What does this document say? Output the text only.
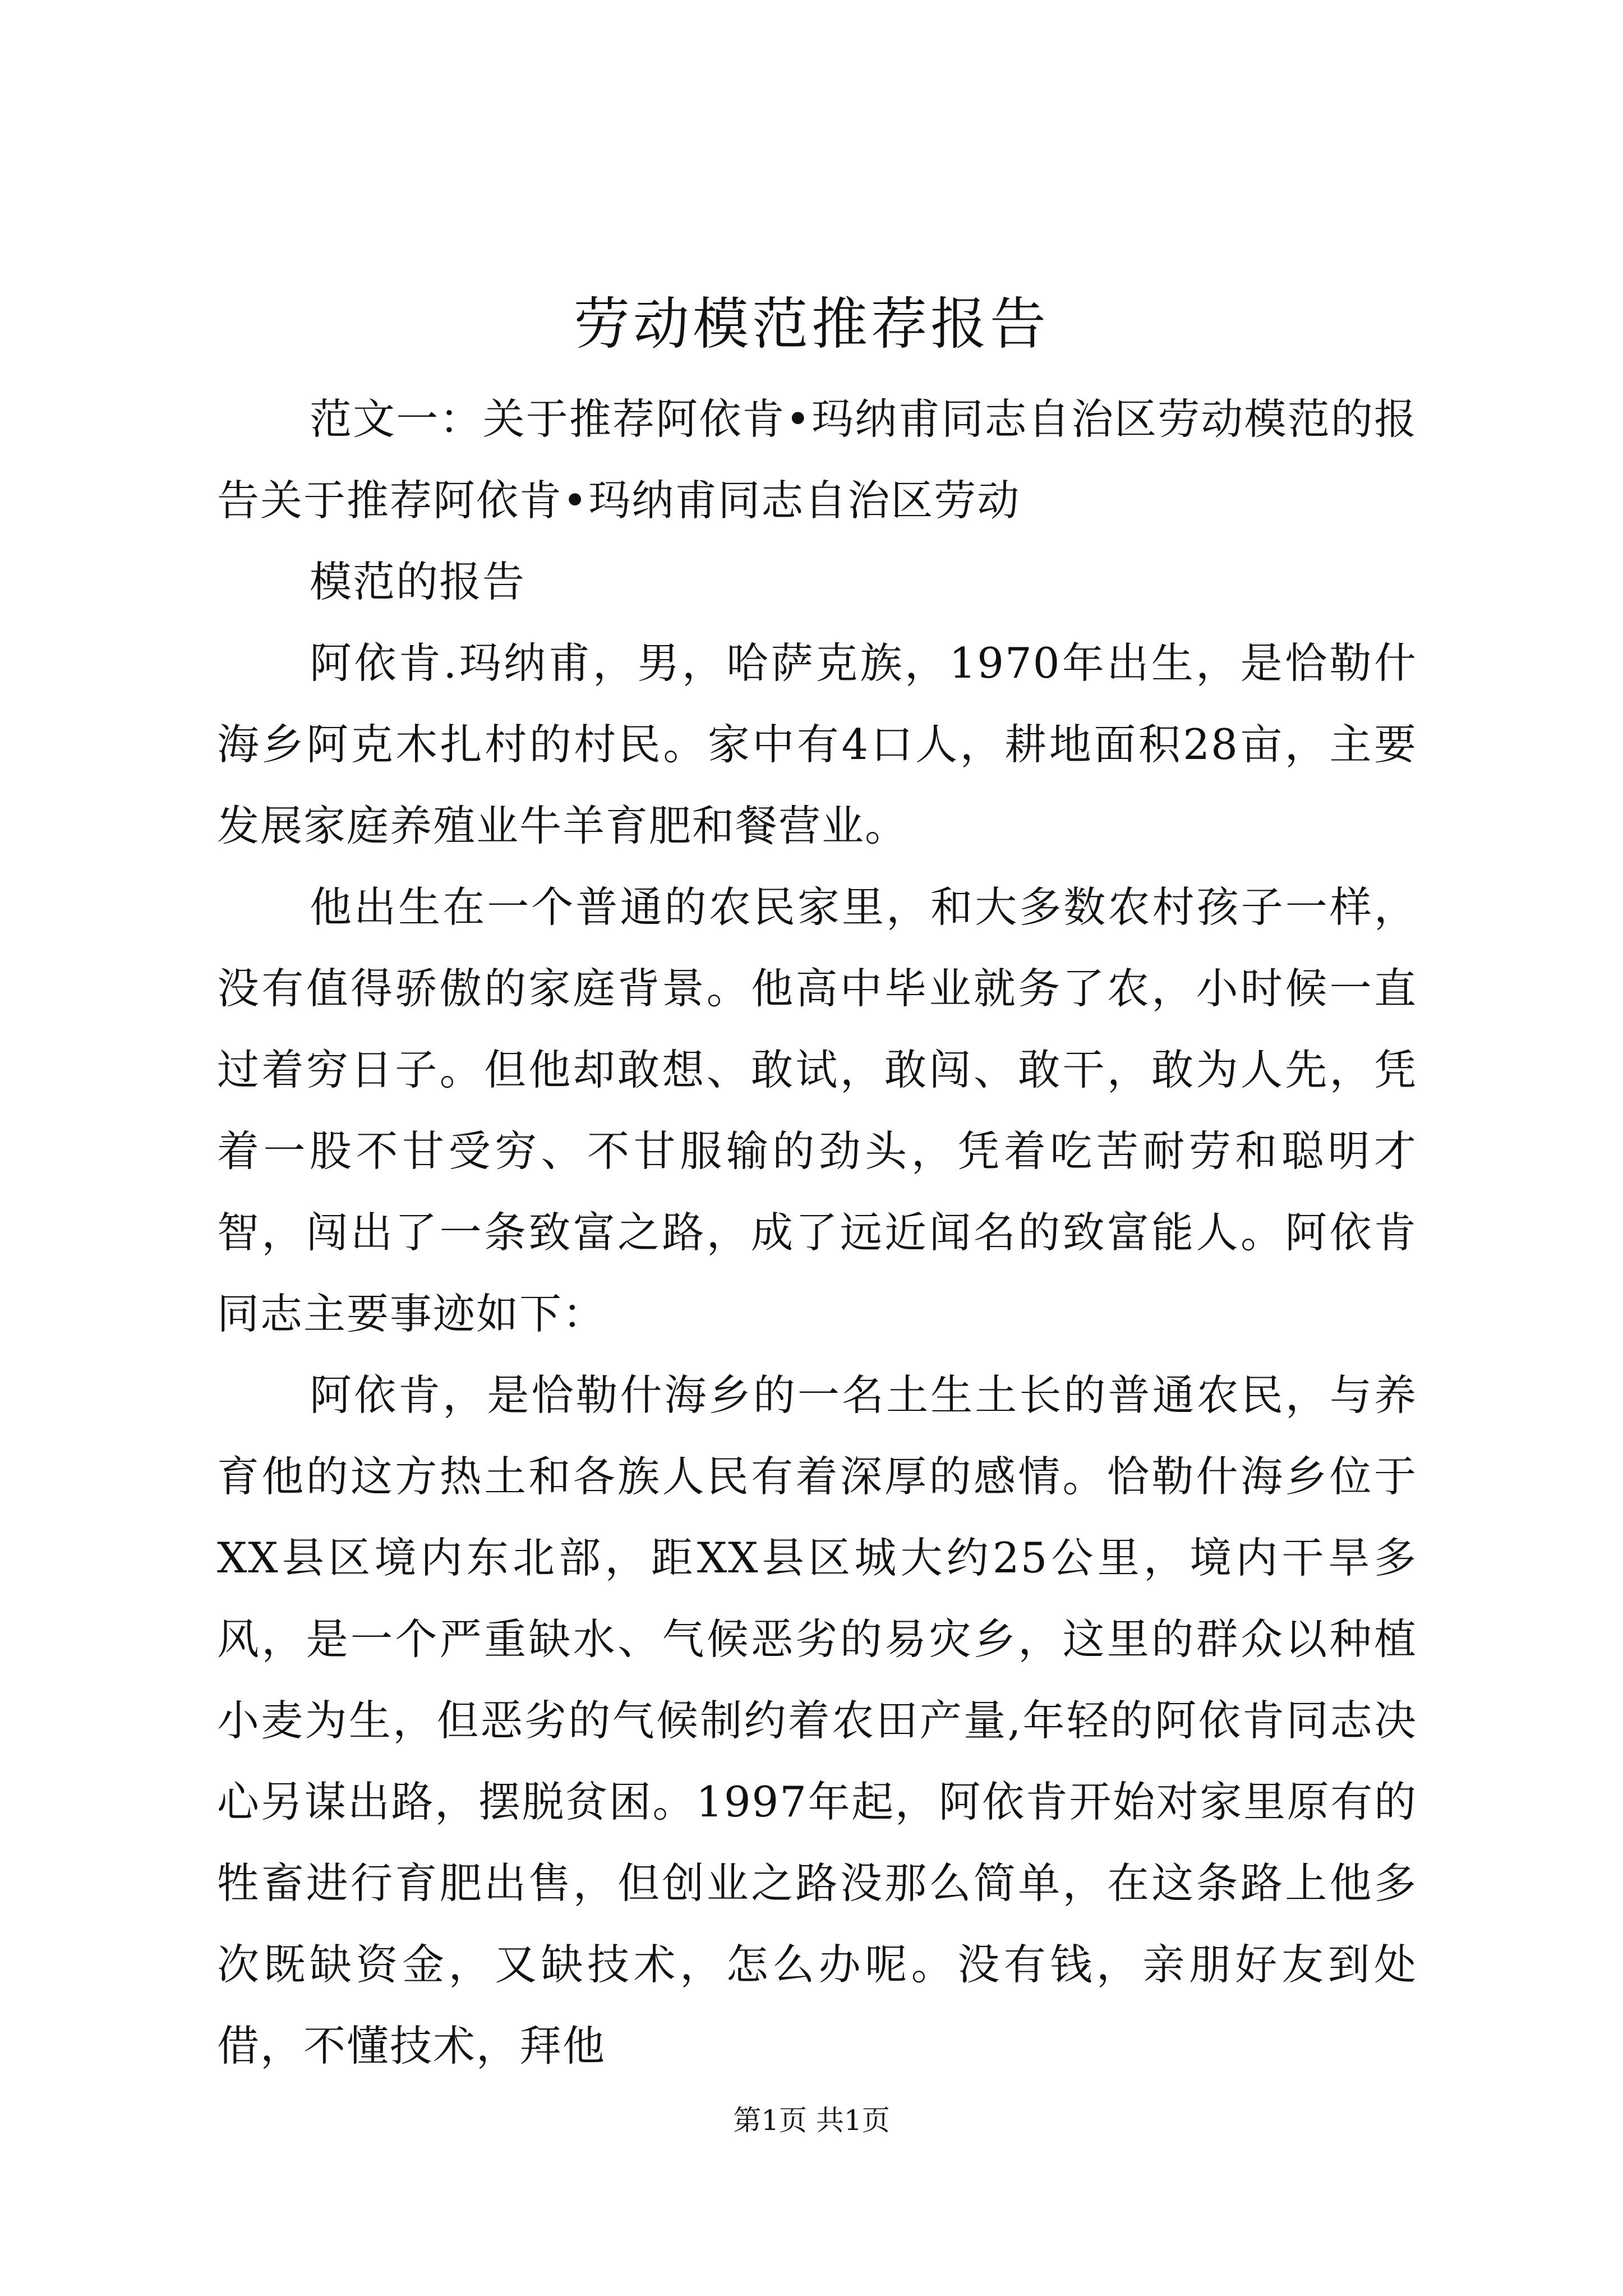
劳动模范推荐报告

范文一：关于推荐阿依肯•玛纳甫同志自治区劳动模范的报告关于推荐阿依肯•玛纳甫同志自治区劳动

模范的报告

阿依肯.玛纳甫，男，哈萨克族，1970年出生，是恰勒什海乡阿克木扎村的村民。家中有4口人，耕地面积28亩，主要发展家庭养殖业牛羊育肥和餐营业。

他出生在一个普通的农民家里，和大多数农村孩子一样，没有值得骄傲的家庭背景。他高中毕业就务了农，小时候一直过着穷日子。但他却敢想、敢试，敢闯、敢干，敢为人先，凭着一股不甘受穷、不甘服输的劲头，凭着吃苦耐劳和聪明才智，闯出了一条致富之路，成了远近闻名的致富能人。阿依肯同志主要事迹如下：

阿依肯，是恰勒什海乡的一名土生土长的普通农民，与养育他的这方热土和各族人民有着深厚的感情。恰勒什海乡位于XX县区境内东北部，距XX县区城大约25公里，境内干旱多风，是一个严重缺水、气候恶劣的易灾乡，这里的群众以种植小麦为生，但恶劣的气候制约着农田产量,年轻的阿依肯同志决心另谋出路，摆脱贫困。1997年起，阿依肯开始对家里原有的牲畜进行育肥出售，但创业之路没那么简单，在这条路上他多次既缺资金，又缺技术，怎么办呢。没有钱，亲朋好友到处借，不懂技术，拜他

第1页 共1页
